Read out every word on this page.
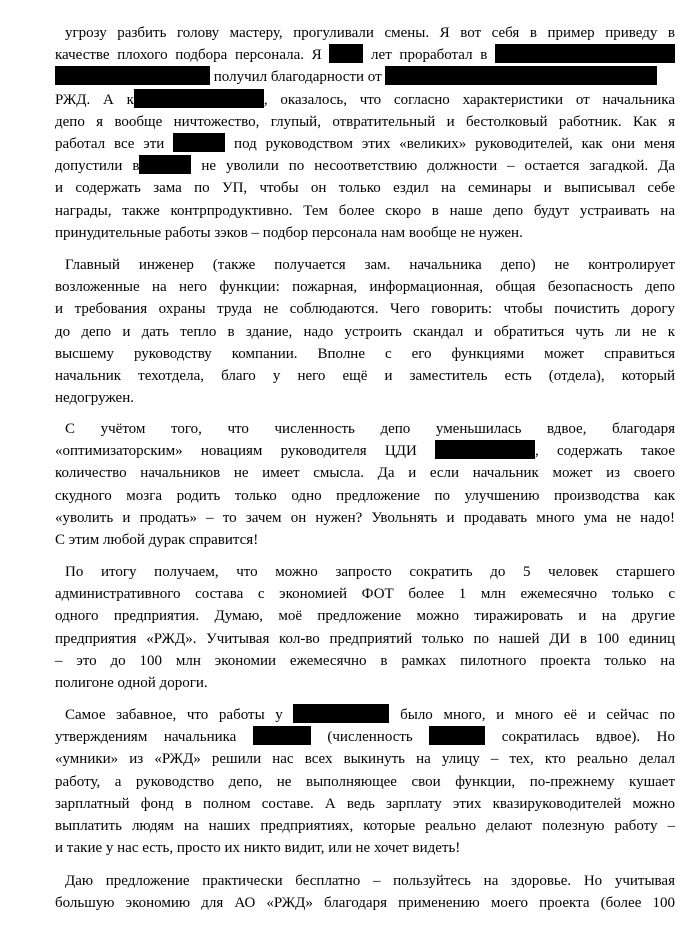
угрозу разбить голову мастеру, прогуливали смены. Я вот себя в пример приведу в
качестве плохого подбора персонала. Я  лет проработал в
получил благодарности от
РЖД. А к	, оказалось, что согласно характеристики от начальника
депо я вообще ничтожество, глупый, отвратительный и бестолковый работник. Как я
работал все эти	под руководством этих «великих» руководителей, как они меня
допустили в	не уволили по несоответствию должности – остается загадкой. Да
и содержать зама по УП, чтобы он только ездил на семинары и выписывал себе
награды, также контрпродуктивно. Тем более скоро в наше депо будут устраивать на
принудительные работы зэков – подбор персонала нам вообще не нужен.
Главный инженер (также получается зам. начальника депо) не контролирует
возложенные на него функции: пожарная, информационная, общая безопасность депо
и требования охраны труда не соблюдаются. Чего говорить: чтобы почистить дорогу
до депо и дать тепло в здание, надо устроить скандал и обратиться чуть ли не к
высшему руководству компании. Вполне с его функциями может справиться
начальник техотдела, благо у него ещё и заместитель есть (отдела), который
недогружен.
С учётом того, что численность депо уменьшилась вдвое, благодаря
«оптимизаторским» новациям руководителя ЦДИ	, содержать такое
количество начальников не имеет смысла. Да и если начальник может из своего
скудного мозга родить только одно предложение по улучшению производства как
«уволить и продать» – то зачем он нужен? Увольнять и продавать много ума не надо!
С этим любой дурак справится!
По итогу получаем, что можно запросто сократить до 5 человек старшего
административного состава с экономией ФОТ более 1 млн ежемесячно только с
одного предприятия. Думаю, моё предложение можно тиражировать и на другие
предприятия «РЖД». Учитывая кол-во предприятий только по нашей ДИ в 100 единиц
– это до 100 млн экономии ежемесячно в рамках пилотного проекта только на
полигоне одной дороги.
Самое забавное, что работы у	было много, и много её и сейчас по
утверждениям начальника	(численность	сократилась вдвое). Но
«умники» из «РЖД» решили нас всех выкинуть на улицу – тех, кто реально делал
работу, а руководство депо, не выполняющее свои функции, по-прежнему кушает
зарплатный фонд в полном составе. А ведь зарплату этих квазируководителей можно
выплатить людям на наших предприятиях, которые реально делают полезную работу –
и такие у нас есть, просто их никто видит, или не хочет видеть!
Даю предложение практически бесплатно – пользуйтесь на здоровье. Но учитывая
большую экономию для АО «РЖД» благодаря применению моего проекта (более 100
